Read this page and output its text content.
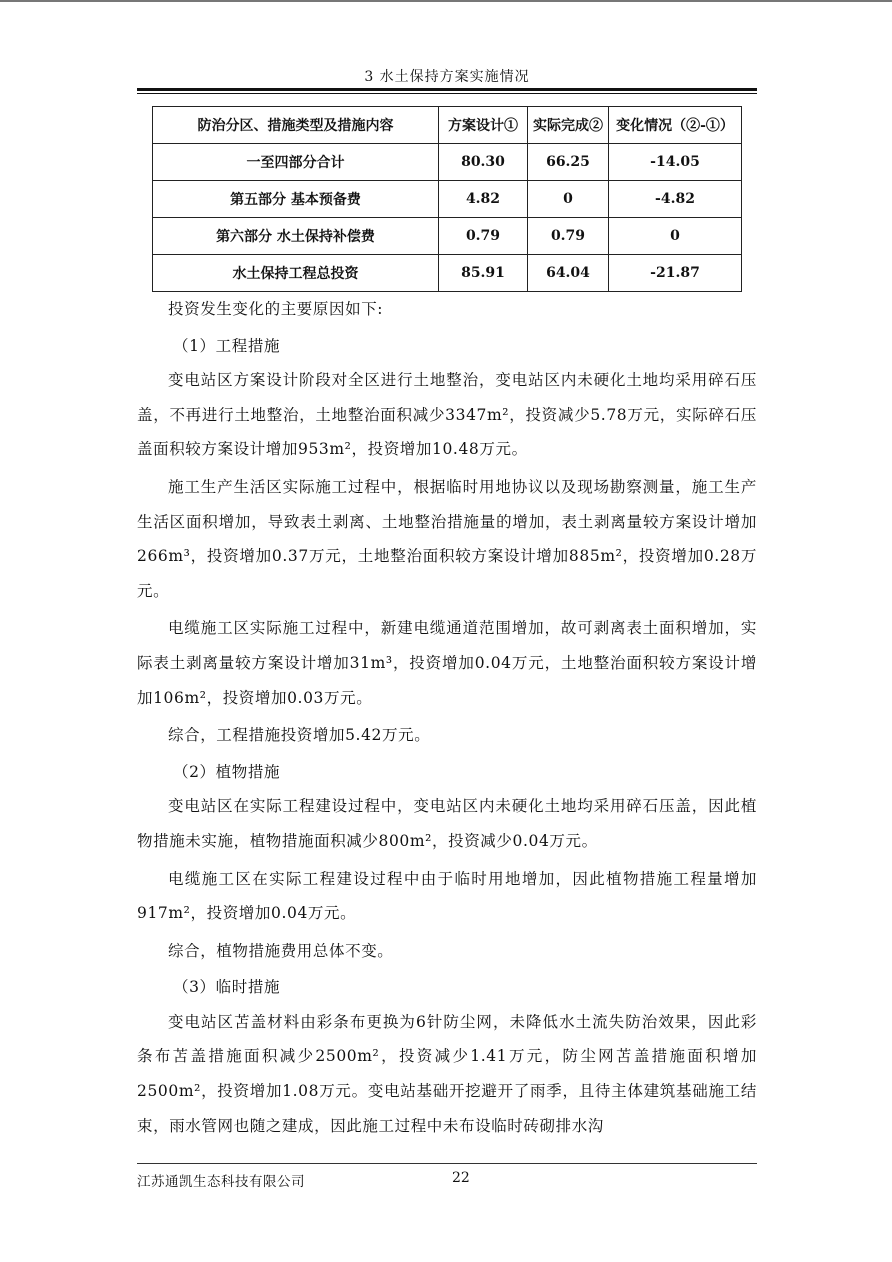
3 水土保持方案实施情况
防治分区、措施类型及措施内容	方案设计①	实际完成②	变化情况（②-①）
一至四部分合计	80.30	66.25	-14.05
第五部分 基本预备费	4.82	0	-4.82
第六部分 水土保持补偿费	0.79	0.79	0
水土保持工程总投资	85.91	64.04	-21.87

投资发生变化的主要原因如下:

（1）工程措施

变电站区方案设计阶段对全区进行土地整治，变电站区内未硬化土地均采用碎石压盖，不再进行土地整治，土地整治面积减少3347m²，投资减少5.78万元，实际碎石压盖面积较方案设计增加953m²，投资增加10.48万元。

施工生产生活区实际施工过程中，根据临时用地协议以及现场勘察测量，施工生产生活区面积增加，导致表土剥离、土地整治措施量的增加，表土剥离量较方案设计增加266m³，投资增加0.37万元，土地整治面积较方案设计增加885m²，投资增加0.28万元。

电缆施工区实际施工过程中，新建电缆通道范围增加，故可剥离表土面积增加，实际表土剥离量较方案设计增加31m³，投资增加0.04万元，土地整治面积较方案设计增加106m²，投资增加0.03万元。

综合，工程措施投资增加5.42万元。

（2）植物措施

变电站区在实际工程建设过程中，变电站区内未硬化土地均采用碎石压盖，因此植物措施未实施，植物措施面积减少800m²，投资减少0.04万元。

电缆施工区在实际工程建设过程中由于临时用地增加，因此植物措施工程量增加917m²，投资增加0.04万元。

综合，植物措施费用总体不变。

（3）临时措施

变电站区苫盖材料由彩条布更换为6针防尘网，未降低水土流失防治效果，因此彩条布苫盖措施面积减少2500m²，投资减少1.41万元，防尘网苫盖措施面积增加2500m²，投资增加1.08万元。变电站基础开挖避开了雨季，且待主体建筑基础施工结束，雨水管网也随之建成，因此施工过程中未布设临时砖砌排水沟

江苏通凯生态科技有限公司	22
